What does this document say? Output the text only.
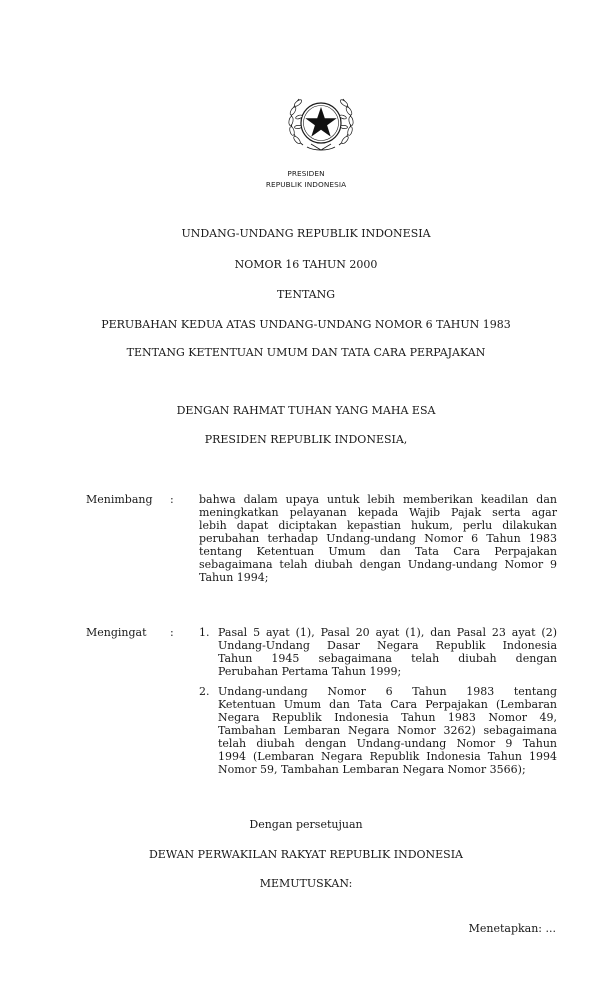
PRESIDEN
REPUBLIK INDONESIA
UNDANG-UNDANG REPUBLIK INDONESIA
NOMOR 16 TAHUN 2000
TENTANG
PERUBAHAN KEDUA ATAS UNDANG-UNDANG NOMOR 6 TAHUN 1983
TENTANG KETENTUAN UMUM DAN TATA CARA PERPAJAKAN
DENGAN RAHMAT TUHAN YANG MAHA ESA
PRESIDEN REPUBLIK INDONESIA,
Menimbang : bahwa dalam upaya untuk lebih memberikan keadilan dan
meningkatkan pelayanan kepada Wajib Pajak serta agar
lebih dapat diciptakan kepastian hukum, perlu dilakukan
perubahan terhadap Undang-undang Nomor 6 Tahun 1983
tentang Ketentuan Umum dan Tata Cara Perpajakan
sebagaimana telah diubah dengan Undang-undang Nomor 9
Tahun 1994;
Mengingat : 1. Pasal 5 ayat (1), Pasal 20 ayat (1), dan Pasal 23 ayat (2)
Undang-Undang Dasar Negara Republik Indonesia
Tahun 1945 sebagaimana telah diubah dengan
Perubahan Pertama Tahun 1999;
2. Undang-undang Nomor 6 Tahun 1983 tentang
Ketentuan Umum dan Tata Cara Perpajakan (Lembaran
Negara Republik Indonesia Tahun 1983 Nomor 49,
Tambahan Lembaran Negara Nomor 3262) sebagaimana
telah diubah dengan Undang-undang Nomor 9 Tahun
1994 (Lembaran Negara Republik Indonesia Tahun 1994
Nomor 59, Tambahan Lembaran Negara Nomor 3566);
Dengan persetujuan
DEWAN PERWAKILAN RAKYAT REPUBLIK INDONESIA
MEMUTUSKAN:
Menetapkan: ...
